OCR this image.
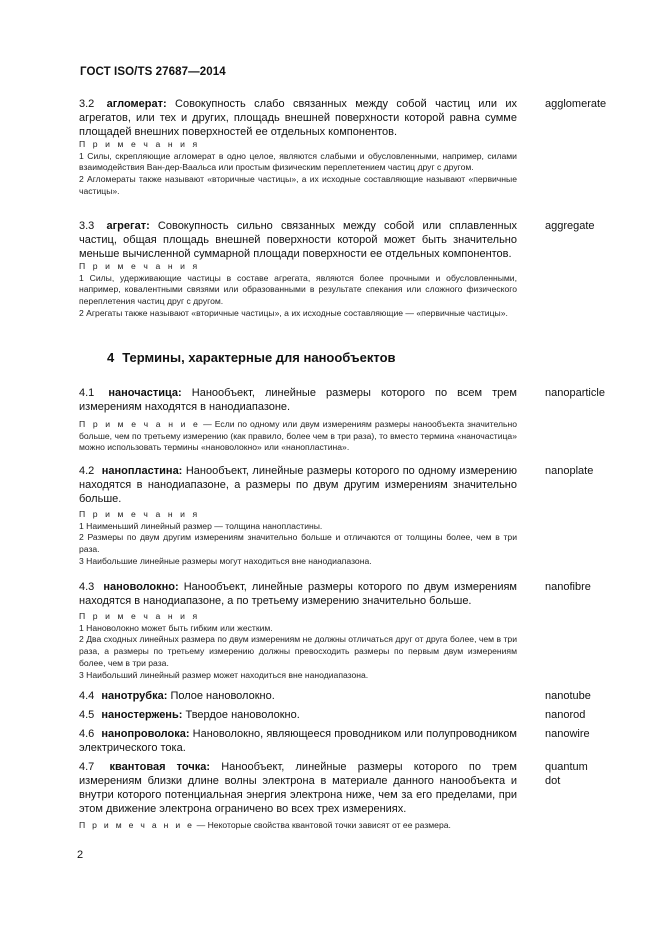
ГОСТ ISO/TS 27687—2014
3.2 агломерат: Совокупность слабо связанных между собой частиц или их агрегатов, или тех и других, площадь внешней поверхности которой равна сумме площадей внешних поверхностей ее отдельных компонентов.
agglomerate
П р и м е ч а н и я
1 Силы, скрепляющие агломерат в одно целое, являются слабыми и обусловленными, например, силами взаимодействия Ван-дер-Ваальса или простым физическим переплетением частиц друг с другом.
2 Агломераты также называют «вторичные частицы», а их исходные составляющие называют «первичные частицы».
3.3 агрегат: Совокупность сильно связанных между собой или сплавленных частиц, общая площадь внешней поверхности которой может быть значительно меньше вычисленной суммарной площади поверхности ее отдельных компонентов.
aggregate
П р и м е ч а н и я
1 Силы, удерживающие частицы в составе агрегата, являются более прочными и обусловленными, например, ковалентными связями или образованными в результате спекания или сложного физического переплетения частиц друг с другом.
2 Агрегаты также называют «вторичные частицы», а их исходные составляющие — «первичные частицы».
4 Термины, характерные для нанообъектов
4.1 наночастица: Нанообъект, линейные размеры которого по всем трем измерениям находятся в нанодиапазоне.
nanoparticle
П р и м е ч а н и е — Если по одному или двум измерениям размеры нанообъекта значительно больше, чем по третьему измерению (как правило, более чем в три раза), то вместо термина «наночастица» можно использовать термины «нановолокно» или «нанопластина».
4.2 нанопластина: Нанообъект, линейные размеры которого по одному измерению находятся в нанодиапазоне, а размеры по двум другим измерениям значительно больше.
nanoplate
П р и м е ч а н и я
1 Наименьший линейный размер — толщина нанопластины.
2 Размеры по двум другим измерениям значительно больше и отличаются от толщины более, чем в три раза.
3 Наибольшие линейные размеры могут находиться вне нанодиапазона.
4.3 нановолокно: Нанообъект, линейные размеры которого по двум измерениям находятся в нанодиапазоне, а по третьему измерению значительно больше.
nanofibre
П р и м е ч а н и я
1 Нановолокно может быть гибким или жестким.
2 Два сходных линейных размера по двум измерениям не должны отличаться друг от друга более, чем в три раза, а размеры по третьему измерению должны превосходить размеры по первым двум измерениям более, чем в три раза.
3 Наибольший линейный размер может находиться вне нанодиапазона.
4.4 нанотрубка: Полое нановолокно.	nanotube
4.5 наностержень: Твердое нановолокно.	nanorod
4.6 нанопроволока: Нановолокно, являющееся проводником или полупроводником электрического тока.
nanowire
4.7 квантовая точка: Нанообъект, линейные размеры которого по трем измерениям близки длине волны электрона в материале данного нанообъекта и внутри которого потенциальная энергия электрона ниже, чем за его пределами, при этом движение электрона ограничено во всех трех измерениях.
quantum
dot
П р и м е ч а н и е — Некоторые свойства квантовой точки зависят от ее размера.
2
